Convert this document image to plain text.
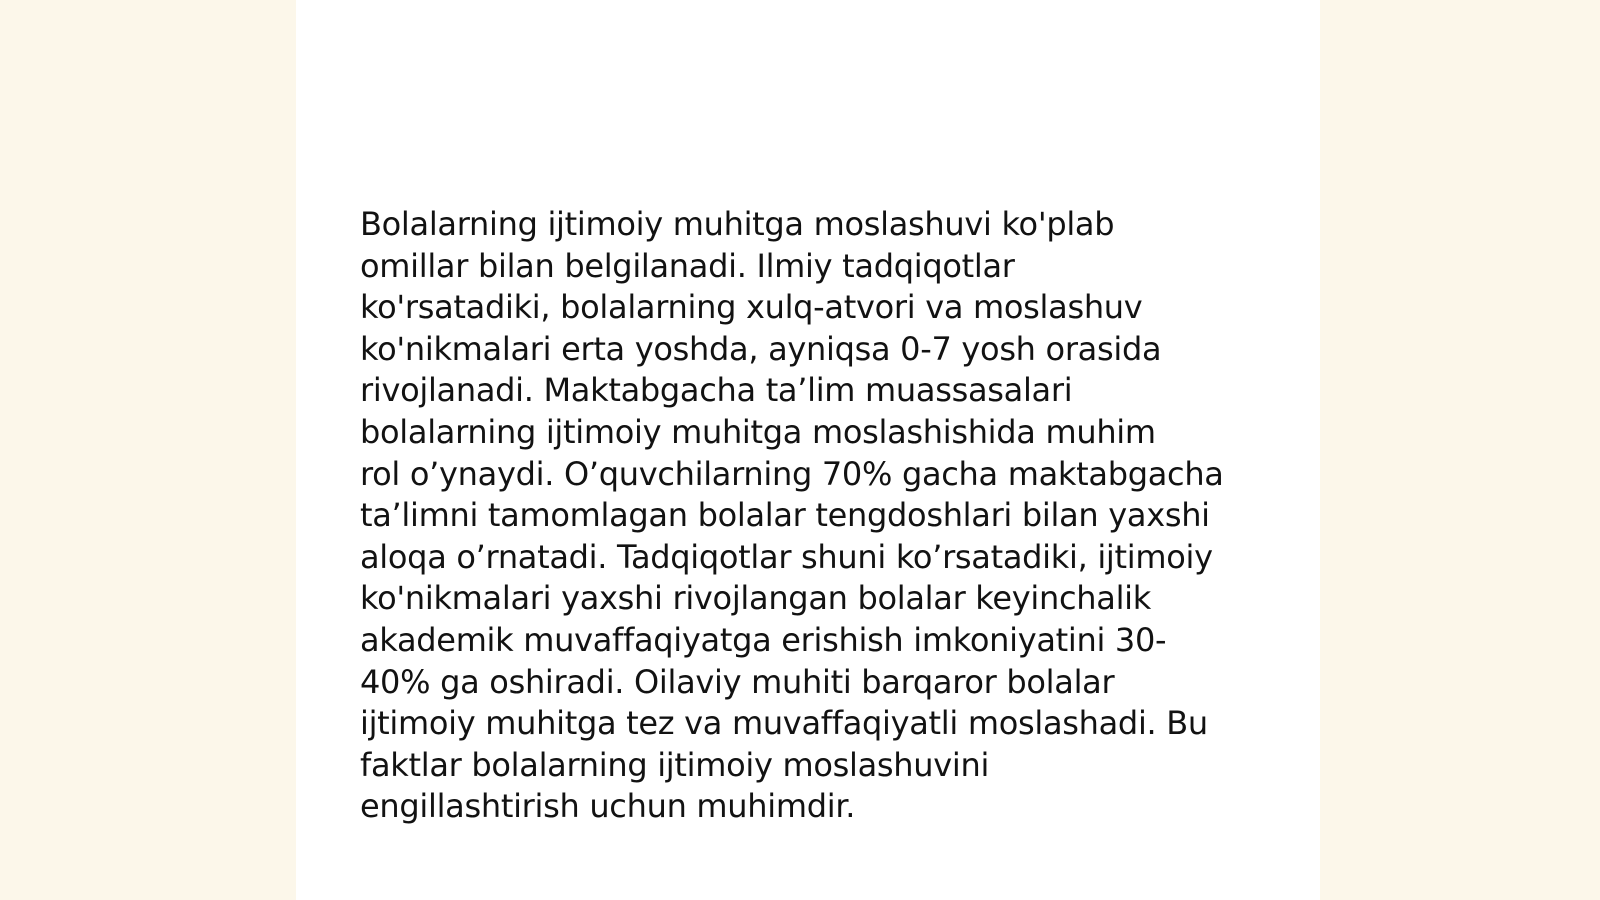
Bolalarning ijtimoiy muhitga moslashuvi ko'plab
omillar bilan belgilanadi. Ilmiy tadqiqotlar
ko'rsatadiki, bolalarning xulq-atvori va moslashuv
ko'nikmalari erta yoshda, ayniqsa 0-7 yosh orasida
rivojlanadi. Maktabgacha ta’lim muassasalari
bolalarning ijtimoiy muhitga moslashishida muhim
rol o’ynaydi. O’quvchilarning 70% gacha maktabgacha
ta’limni tamomlagan bolalar tengdoshlari bilan yaxshi
aloqa o’rnatadi. Tadqiqotlar shuni ko’rsatadiki, ijtimoiy
ko'nikmalari yaxshi rivojlangan bolalar keyinchalik
akademik muvaffaqiyatga erishish imkoniyatini 30-
40% ga oshiradi. Oilaviy muhiti barqaror bolalar
ijtimoiy muhitga tez va muvaffaqiyatli moslashadi. Bu
faktlar bolalarning ijtimoiy moslashuvini
engillashtirish uchun muhimdir.
